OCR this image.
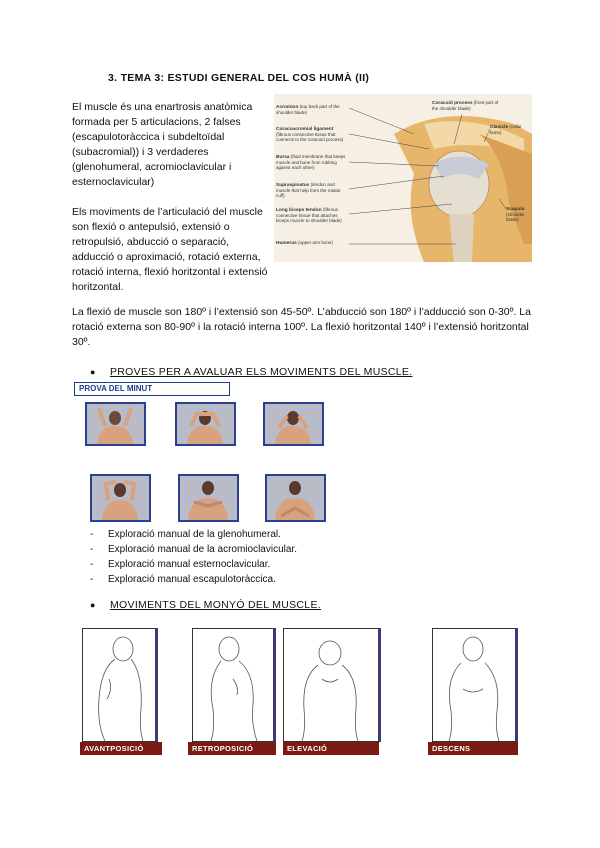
3. TEMA 3: ESTUDI GENERAL DEL COS HUMÀ (II)

El muscle és una enartrosis anatòmica formada per 5 articulacions, 2 falses (escapulotoràccica i subdeltoïdal (subacromial)) i 3 verdaderes (glenohumeral, acromioclavicular i esternoclavicular)

Els moviments de l’articulació del muscle son flexió o antepulsió, extensió o retropulsió, abducció o separació, adducció o aproximació, rotació externa, rotació interna, flexió horitzontal i extensió horitzontal.

Acromion (top back part of the shoulder blade)
Coracoacromial ligament (fibrous connective tissue that connects to the coracoid process)
Bursa (fluid membrane that keeps muscle and bone from rubbing against each other)
Supraspinatus (tendon and muscle that help form the rotator cuff)
Long biceps tendon (fibrous connective tissue that attaches biceps muscle to shoulder blade)
Humerus (upper arm bone)
Coracoid process (front part of the shoulder blade)
Clavicle (collar bone)
Scapula (shoulder blade)
La flexió de muscle son 180º i l’extensió son 45-50º. L’abducció son 180º i l’adducció son 0-30º. La rotació externa son 80-90º i la rotació interna 100º. La flexió horitzontal 140º i l’extensió horitzontal 30º.
●	PROVES PER A AVALUAR ELS MOVIMENTS DEL MUSCLE.
PROVA DEL MINUT
-	Exploració manual de la glenohumeral.
-	Exploració manual de la acromioclavicular.
-	Exploració manual esternoclavicular.
-	Exploració manual escapulotoràccica.
●	MOVIMENTS DEL MONYÓ DEL MUSCLE.
AVANTPOSICIÓ	RETROPOSICIÓ	ELEVACIÓ	DESCENS
